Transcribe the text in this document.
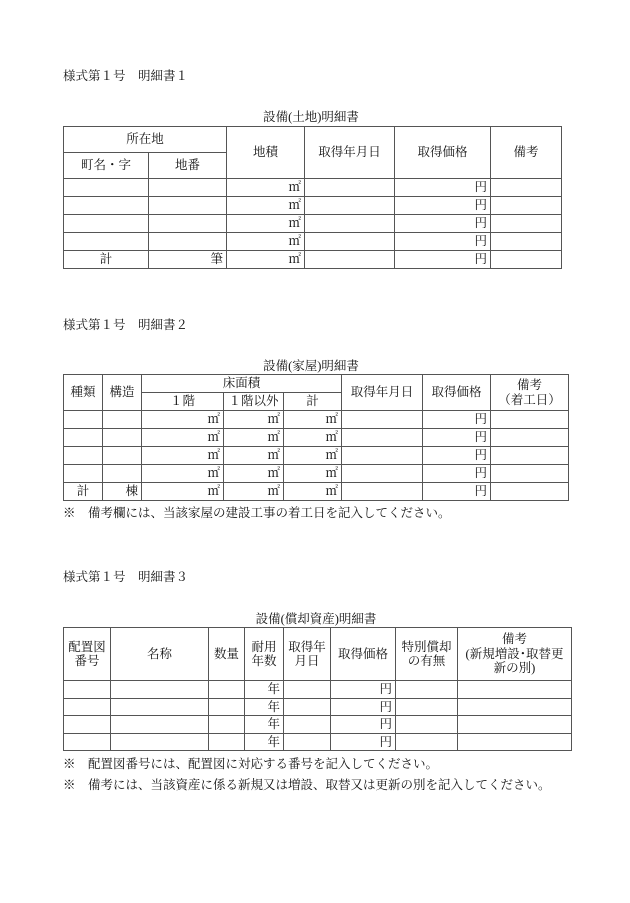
様式第１号　明細書１
設備(土地)明細書
所在地		地積	取得年月日	取得価格	備考
町名・字	地番				
		㎡		円	
		㎡		円	
		㎡		円	
		㎡		円	
計	筆	㎡		円	
様式第１号　明細書２
設備(家屋)明細書
種類	構造	床面積			取得年月日	取得価格	備考
（着工日）
		１階	１階以外	計			
		㎡	㎡	㎡		円	
		㎡	㎡	㎡		円	
		㎡	㎡	㎡		円	
		㎡	㎡	㎡		円	
計	棟	㎡	㎡	㎡		円	
※　備考欄には、当該家屋の建設工事の着工日を記入してください。
様式第１号　明細書３
設備(償却資産)明細書
配置図番号	名称	数量	耐用年数	取得年月日	取得価格	特別償却の有無	備考
(新規増設･取替更新の別)
			年		円		
			年		円		
			年		円		
			年		円		
※　配置図番号には、配置図に対応する番号を記入してください。
※　備考には、当該資産に係る新規又は増設、取替又は更新の別を記入してください。
